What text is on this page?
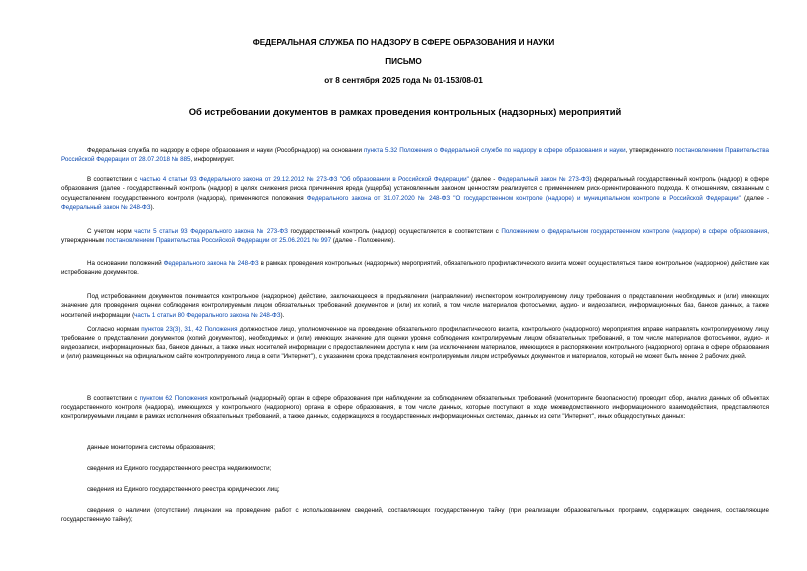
ФЕДЕРАЛЬНАЯ СЛУЖБА ПО НАДЗОРУ В СФЕРЕ ОБРАЗОВАНИЯ И НАУКИ

ПИСЬМО

от 8 сентября 2025 года № 01-153/08-01

Об истребовании документов в рамках проведения контрольных (надзорных) мероприятий

Федеральная служба по надзору в сфере образования и науки (Рособрнадзор) на основании пункта 5.32 Положения о Федеральной службе по надзору в сфере образования и науки, утвержденного постановлением Правительства Российской Федерации от 28.07.2018 № 885, информирует.

В соответствии с частью 4 статьи 93 Федерального закона от 29.12.2012 № 273-ФЗ "Об образовании в Российской Федерации" (далее - Федеральный закон № 273-ФЗ) федеральный государственный контроль (надзор) в сфере образования (далее - государственный контроль (надзор) в целях снижения риска причинения вреда (ущерба) установленным законом ценностям реализуется с применением риск-ориентированного подхода. К отношениям, связанным с осуществлением государственного контроля (надзора), применяются положения Федерального закона от 31.07.2020 № 248-ФЗ "О государственном контроле (надзоре) и муниципальном контроле в Российской Федерации" (далее - Федеральный закон № 248-ФЗ).

С учетом норм части 5 статьи 93 Федерального закона № 273-ФЗ государственный контроль (надзор) осуществляется в соответствии с Положением о федеральном государственном контроле (надзоре) в сфере образования, утвержденным постановлением Правительства Российской Федерации от 25.06.2021 № 997 (далее - Положение).

На основании положений Федерального закона № 248-ФЗ в рамках проведения контрольных (надзорных) мероприятий, обязательного профилактического визита может осуществляться такое контрольное (надзорное) действие как истребование документов.

Под истребованием документов понимается контрольное (надзорное) действие, заключающееся в предъявлении (направлении) инспектором контролируемому лицу требования о представлении необходимых и (или) имеющих значение для проведения оценки соблюдения контролируемым лицом обязательных требований документов и (или) их копий, в том числе материалов фотосъемки, аудио- и видеозаписи, информационных баз, банков данных, а также носителей информации (часть 1 статьи 80 Федерального закона № 248-ФЗ).

Согласно нормам пунктов 23(3), 31, 42 Положения должностное лицо, уполномоченное на проведение обязательного профилактического визита, контрольного (надзорного) мероприятия вправе направлять контролируемому лицу требование о представлении документов (копий документов), необходимых и (или) имеющих значение для оценки уровня соблюдения контролируемым лицом обязательных требований, в том числе материалов фотосъемки, аудио- и видеозаписи, информационных баз, банков данных, а также иных носителей информации с предоставлением доступа к ним (за исключением материалов, имеющихся в распоряжении контрольного (надзорного) органа в сфере образования и (или) размещенных на официальном сайте контролируемого лица в сети "Интернет"), с указанием срока представления контролируемым лицом истребуемых документов и материалов, который не может быть менее 2 рабочих дней.

В соответствии с пунктом 62 Положения контрольный (надзорный) орган в сфере образования при наблюдении за соблюдением обязательных требований (мониторинге безопасности) проводит сбор, анализ данных об объектах государственного контроля (надзора), имеющихся у контрольного (надзорного) органа в сфере образования, в том числе данных, которые поступают в ходе межведомственного информационного взаимодействия, представляются контролируемыми лицами в рамках исполнения обязательных требований, а также данных, содержащихся в государственных информационных системах, данных из сети "Интернет", иных общедоступных данных:

данные мониторинга системы образования;

сведения из Единого государственного реестра недвижимости;

сведения из Единого государственного реестра юридических лиц;

сведения о наличии (отсутствии) лицензии на проведение работ с использованием сведений, составляющих государственную тайну (при реализации образовательных программ, содержащих сведения, составляющие государственную тайну);
